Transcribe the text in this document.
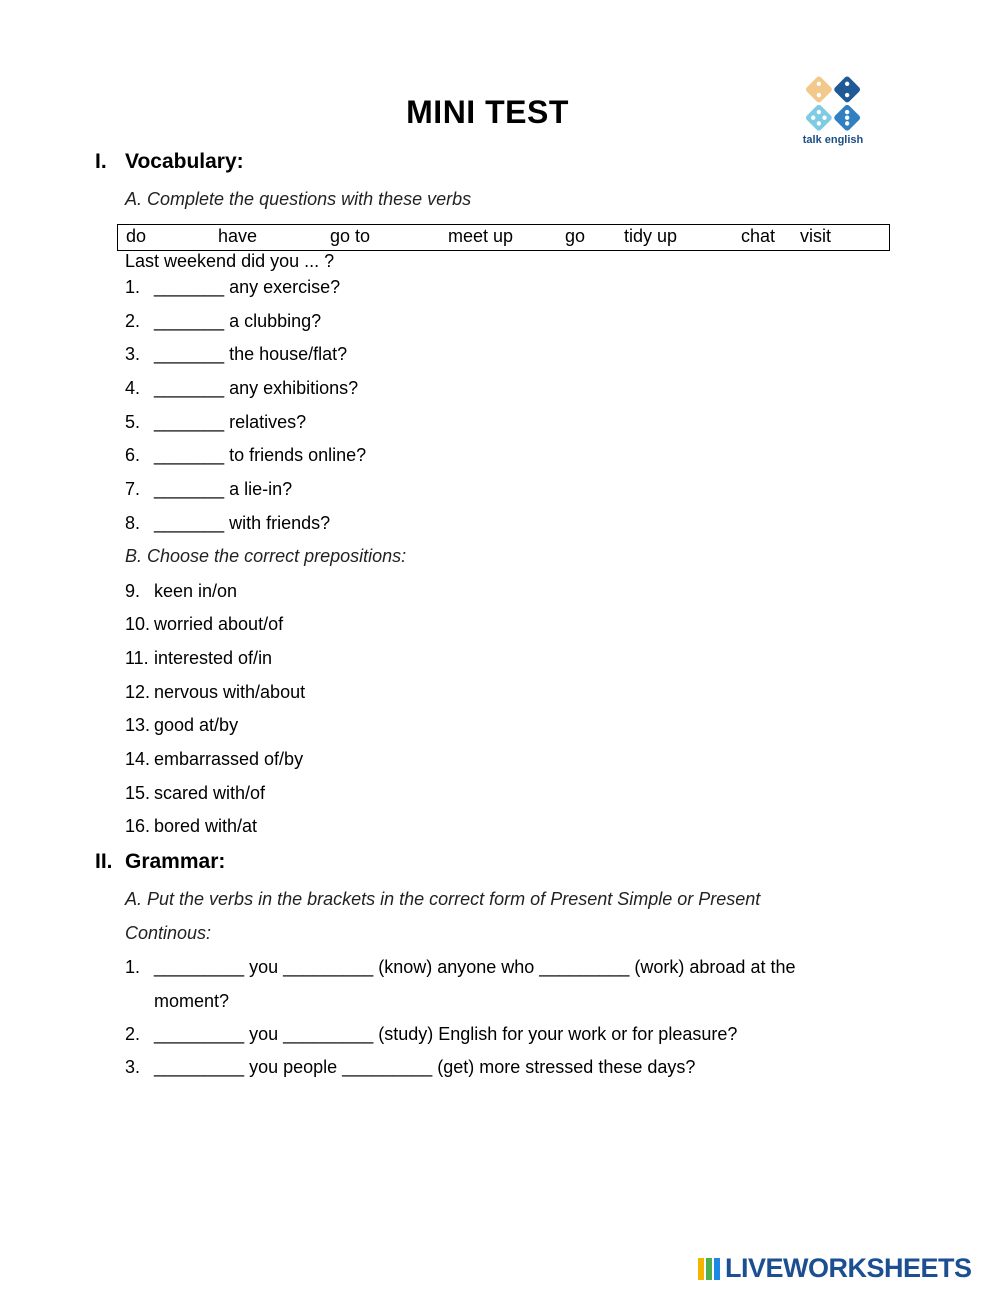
MINI TEST
talk english
I. Vocabulary:
A. Complete the questions with these verbs
do	have	go to	meet up	go tidy up	chat visit
Last weekend did you ... ?
1. _______ any exercise?
2. _______ a clubbing?
3. _______ the house/flat?
4. _______ any exhibitions?
5. _______ relatives?
6. _______ to friends online?
7. _______ a lie-in?
8. _______ with friends?
B. Choose the correct prepositions:
9. keen in/on
10. worried about/of
11. interested of/in
12. nervous with/about
13. good at/by
14. embarrassed of/by
15. scared with/of
16. bored with/at
II. Grammar:
A. Put the verbs in the brackets in the correct form of Present Simple or Present
Continous:
1. _________ you _________ (know) anyone who _________ (work) abroad at the
moment?
2. _________ you _________ (study) English for your work or for pleasure?
3. _________ you people _________ (get) more stressed these days?
LIVEWORKSHEETS
